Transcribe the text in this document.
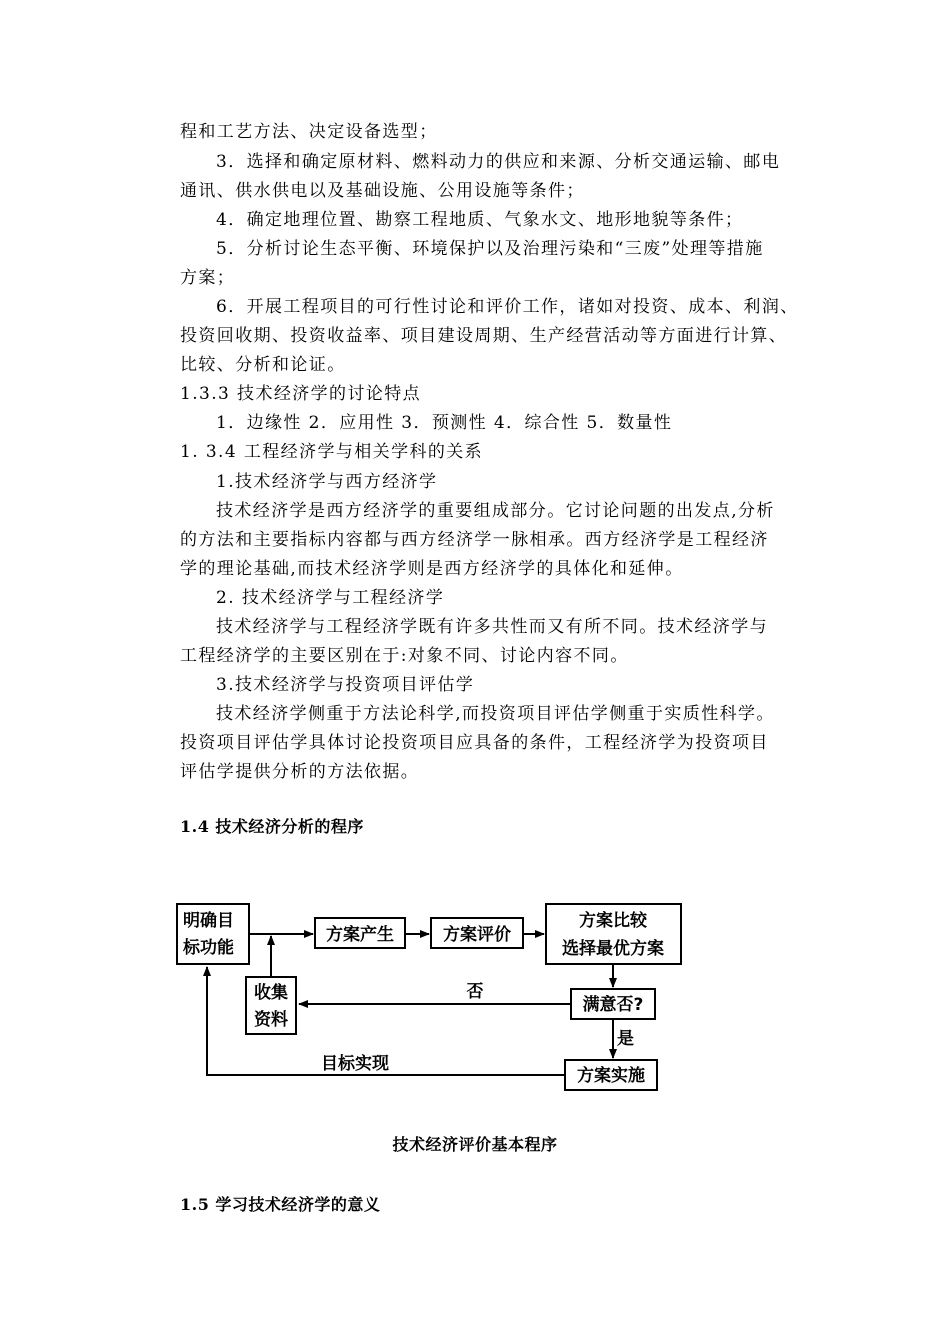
程和工艺方法、决定设备选型；
3．选择和确定原材料、燃料动力的供应和来源、分析交通运输、邮电
通讯、供水供电以及基础设施、公用设施等条件；
4．确定地理位置、勘察工程地质、气象水文、地形地貌等条件；
5．分析讨论生态平衡、环境保护以及治理污染和“三废”处理等措施
方案；
6．开展工程项目的可行性讨论和评价工作，诸如对投资、成本、利润、
投资回收期、投资收益率、项目建设周期、生产经营活动等方面进行计算、
比较、分析和论证。
1.3.3 技术经济学的讨论特点
1．边缘性 2．应用性 3．预测性 4．综合性 5．数量性
1. 3.4 工程经济学与相关学科的关系
1.技术经济学与西方经济学
技术经济学是西方经济学的重要组成部分。它讨论问题的出发点,分析
的方法和主要指标内容都与西方经济学一脉相承。西方经济学是工程经济
学的理论基础,而技术经济学则是西方经济学的具体化和延伸。
2. 技术经济学与工程经济学
技术经济学与工程经济学既有许多共性而又有所不同。技术经济学与
工程经济学的主要区别在于:对象不同、讨论内容不同。
3.技术经济学与投资项目评估学
技术经济学侧重于方法论科学,而投资项目评估学侧重于实质性科学。
投资项目评估学具体讨论投资项目应具备的条件，工程经济学为投资项目
评估学提供分析的方法依据。
1.4 技术经济分析的程序
明确目
标功能
方案产生	方案评价
方案比较
选择最优方案
满意否?
收集
资料
方案实施
否
是
目标实现
技术经济评价基本程序
1.5 学习技术经济学的意义
